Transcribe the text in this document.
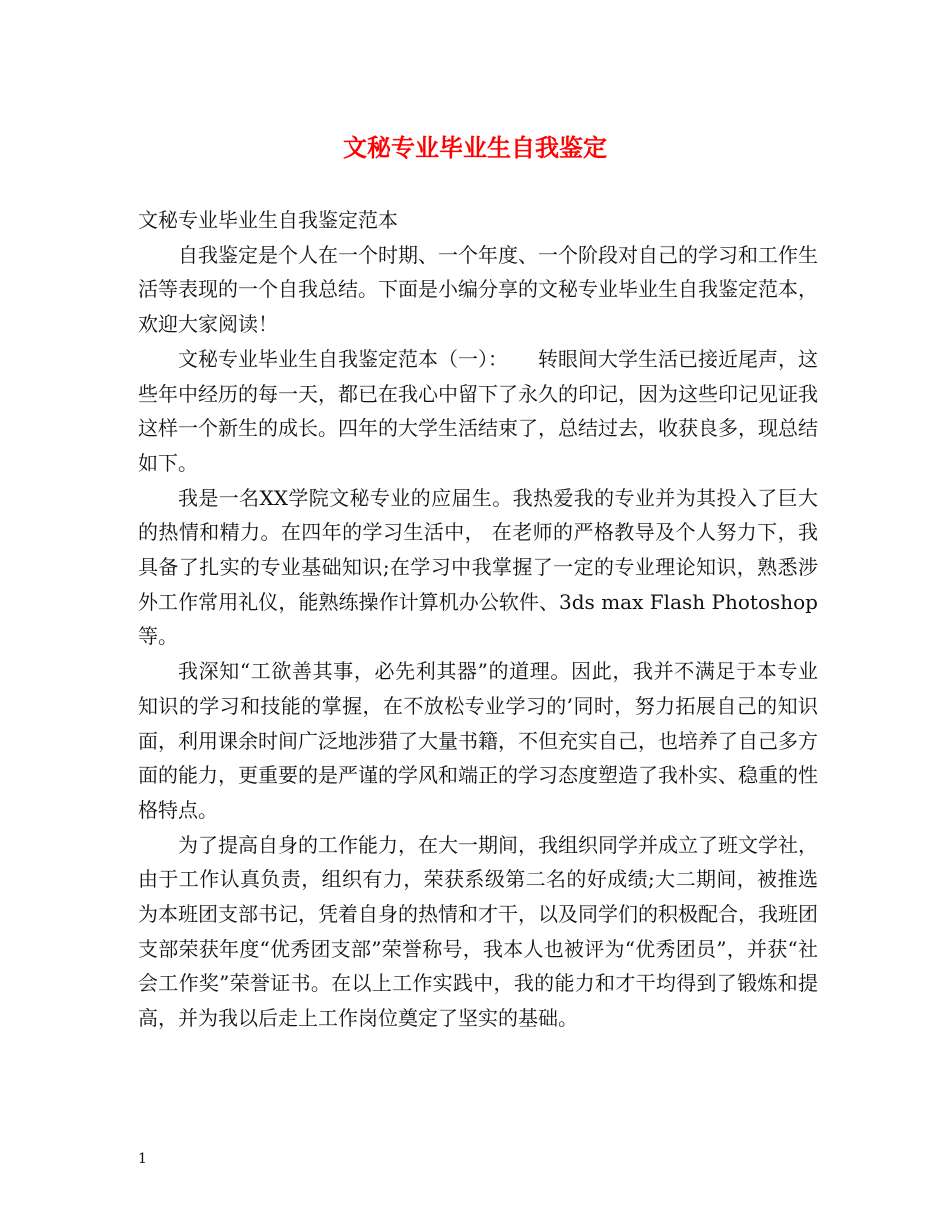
文秘专业毕业生自我鉴定

文秘专业毕业生自我鉴定范本

自我鉴定是个人在一个时期、一个年度、一个阶段对自己的学习和工作生活等表现的一个自我总结。下面是小编分享的文秘专业毕业生自我鉴定范本，欢迎大家阅读！

文秘专业毕业生自我鉴定范本（一）：　　转眼间大学生活已接近尾声，这些年中经历的每一天，都已在我心中留下了永久的印记，因为这些印记见证我这样一个新生的成长。四年的大学生活结束了，总结过去，收获良多，现总结如下。

我是一名XX学院文秘专业的应届生。我热爱我的专业并为其投入了巨大的热情和精力。在四年的学习生活中， 在老师的严格教导及个人努力下，我具备了扎实的专业基础知识;在学习中我掌握了一定的专业理论知识，熟悉涉外工作常用礼仪，能熟练操作计算机办公软件、3ds max Flash Photoshop等。

我深知“工欲善其事，必先利其器”的道理。因此，我并不满足于本专业知识的学习和技能的掌握，在不放松专业学习的’同时，努力拓展自己的知识面，利用课余时间广泛地涉猎了大量书籍，不但充实自己，也培养了自己多方面的能力，更重要的是严谨的学风和端正的学习态度塑造了我朴实、稳重的性格特点。

为了提高自身的工作能力，在大一期间，我组织同学并成立了班文学社，由于工作认真负责，组织有力，荣获系级第二名的好成绩;大二期间，被推选为本班团支部书记，凭着自身的热情和才干，以及同学们的积极配合，我班团支部荣获年度“优秀团支部”荣誉称号，我本人也被评为“优秀团员”，并获“社会工作奖”荣誉证书。在以上工作实践中，我的能力和才干均得到了锻炼和提高，并为我以后走上工作岗位奠定了坚实的基础。

1
